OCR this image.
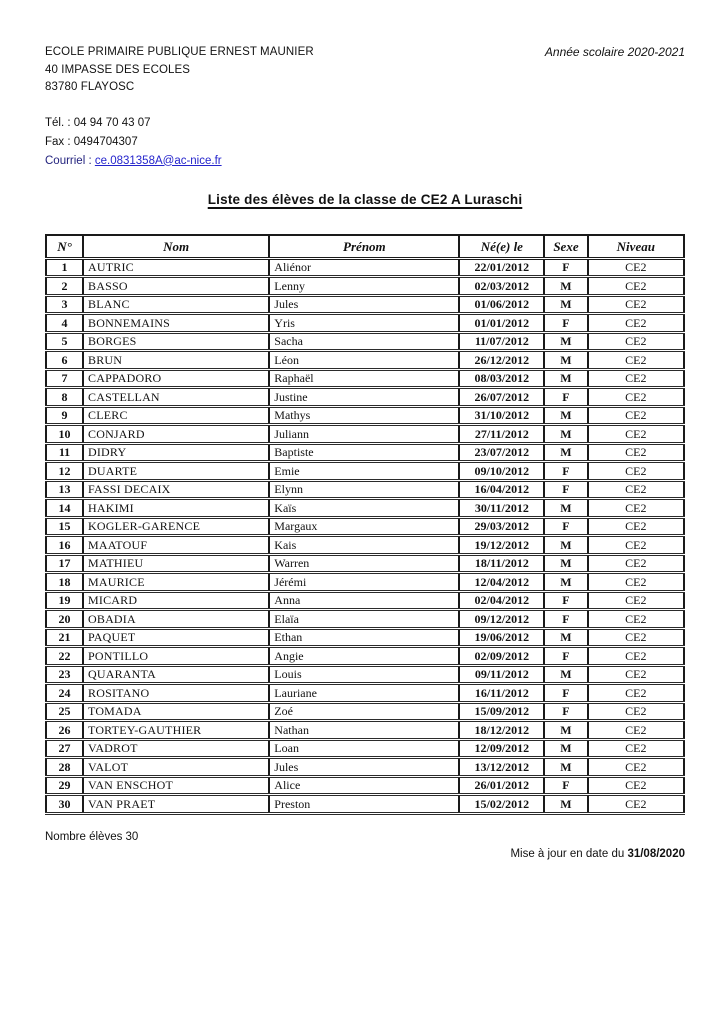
ECOLE PRIMAIRE PUBLIQUE ERNEST MAUNIER
40 IMPASSE DES ECOLES
83780 FLAYOSC
Année scolaire 2020-2021
Tél. : 04 94 70 43 07
Fax : 0494704307
Courriel : ce.0831358A@ac-nice.fr
Liste des élèves de la classe de CE2 A Luraschi
N°	Nom	Prénom	Né(e) le	Sexe	Niveau
1	AUTRIC	Aliénor	22/01/2012	F	CE2
2	BASSO	Lenny	02/03/2012	M	CE2
3	BLANC	Jules	01/06/2012	M	CE2
4	BONNEMAINS	Yris	01/01/2012	F	CE2
5	BORGES	Sacha	11/07/2012	M	CE2
6	BRUN	Léon	26/12/2012	M	CE2
7	CAPPADORO	Raphaël	08/03/2012	M	CE2
8	CASTELLAN	Justine	26/07/2012	F	CE2
9	CLERC	Mathys	31/10/2012	M	CE2
10	CONJARD	Juliann	27/11/2012	M	CE2
11	DIDRY	Baptiste	23/07/2012	M	CE2
12	DUARTE	Emie	09/10/2012	F	CE2
13	FASSI DECAIX	Elynn	16/04/2012	F	CE2
14	HAKIMI	Kaïs	30/11/2012	M	CE2
15	KOGLER-GARENCE	Margaux	29/03/2012	F	CE2
16	MAATOUF	Kais	19/12/2012	M	CE2
17	MATHIEU	Warren	18/11/2012	M	CE2
18	MAURICE	Jérémi	12/04/2012	M	CE2
19	MICARD	Anna	02/04/2012	F	CE2
20	OBADIA	Elaïa	09/12/2012	F	CE2
21	PAQUET	Ethan	19/06/2012	M	CE2
22	PONTILLO	Angie	02/09/2012	F	CE2
23	QUARANTA	Louis	09/11/2012	M	CE2
24	ROSITANO	Lauriane	16/11/2012	F	CE2
25	TOMADA	Zoé	15/09/2012	F	CE2
26	TORTEY-GAUTHIER	Nathan	18/12/2012	M	CE2
27	VADROT	Loan	12/09/2012	M	CE2
28	VALOT	Jules	13/12/2012	M	CE2
29	VAN ENSCHOT	Alice	26/01/2012	F	CE2
30	VAN PRAET	Preston	15/02/2012	M	CE2
Nombre élèves 30
Mise à jour en date du 31/08/2020
